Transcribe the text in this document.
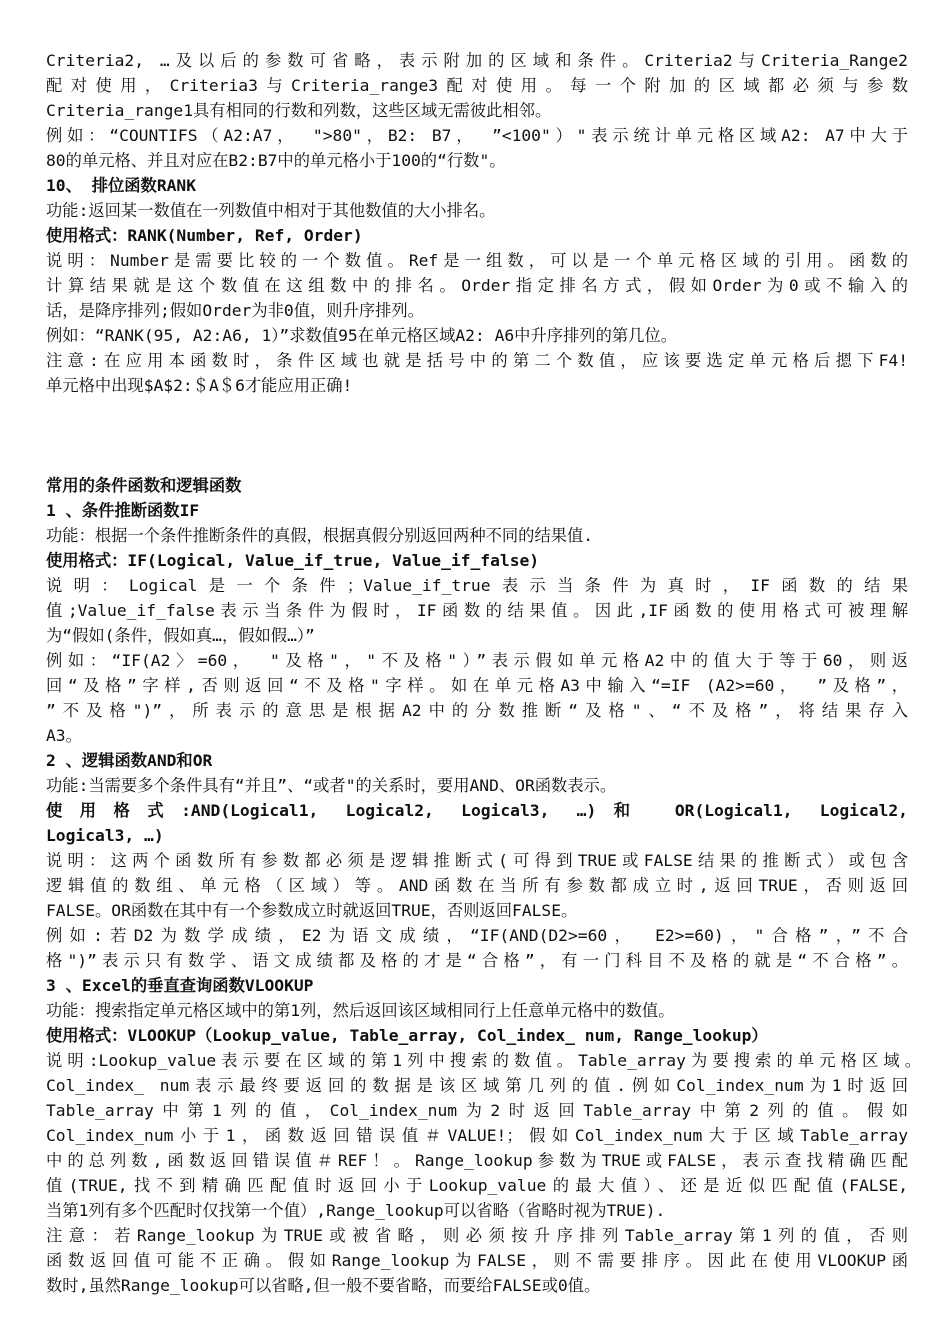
Criteria2, …及以后的参数可省略，表示附加的区域和条件。Criteria2与Criteria_Range2
配对使用，Criteria3与Criteria_range3配对使用。每一个附加的区域都必须与参数
Criteria_range1具有相同的行数和列数，这些区域无需彼此相邻。
例如：“COUNTIFS（A2:A7， ">80"，B2: B7， ”<100"）"表示统计单元格区域A2: A7中大于
80的单元格、并且对应在B2:B7中的单元格小于100的“行数"。
10、 排位函数RANK
功能:返回某一数值在一列数值中相对于其他数值的大小排名。
使用格式：RANK(Number, Ref, Order)
说明：Number是需要比较的一个数值。Ref是一组数，可以是一个单元格区域的引用。函数的
计算结果就是这个数值在这组数中的排名。Order指定排名方式，假如Order为0或不输入的
话，是降序排列;假如Order为非0值，则升序排列。
例如：“RANK(95, A2:A6, 1）”求数值95在单元格区域A2: A6中升序排列的第几位。
注意:在应用本函数时，条件区域也就是括号中的第二个数值，应该要选定单元格后摁下F4!
单元格中出现$A$2:＄A＄6才能应用正确!
常用的条件函数和逻辑函数
1 、条件推断函数IF
功能：根据一个条件推断条件的真假，根据真假分别返回两种不同的结果值.
使用格式：IF(Logical, Value_if_true, Value_if_false)
说明：Logical是一个条件；Value_if_true表示当条件为真时，IF函数的结果
值;Value_if_false表示当条件为假时，IF函数的结果值。因此,IF函数的使用格式可被理解
为“假如(条件，假如真…，假如假…）”
例如：“IF(A2〉=60， "及格"，"不及格"）”表示假如单元格A2中的值大于等于60，则返
回“及格”字样,否则返回“不及格"字样。如在单元格A3中输入“=IF (A2>=60， ”及格”，
”不及格")”，所表示的意思是根据A2中的分数推断“及格"、“不及格”，将结果存入
A3。
2 、逻辑函数AND和OR
功能:当需要多个条件具有“并且”、“或者"的关系时，要用AND、OR函数表示。
使用格式:AND(Logical1, Logical2, Logical3, …)和 OR(Logical1, Logical2,
Logical3, …)
说明：这两个函数所有参数都必须是逻辑推断式(可得到TRUE或FALSE结果的推断式）或包含
逻辑值的数组、单元格（区域）等。AND函数在当所有参数都成立时,返回TRUE，否则返回
FALSE。OR函数在其中有一个参数成立时就返回TRUE，否则返回FALSE。
例如:若D2为数学成绩，E2为语文成绩，“IF(AND(D2>=60， E2>=60)，"合格”，”不合
格")”表示只有数学、语文成绩都及格的才是“合格”，有一门科目不及格的就是“不合格”。
3 、Excel的垂直查询函数VLOOKUP
功能：搜索指定单元格区域中的第1列，然后返回该区域相同行上任意单元格中的数值。
使用格式：VLOOKUP（Lookup_value, Table_array, Col_index_ num, Range_lookup）
说明:Lookup_value表示要在区域的第1列中搜索的数值。Table_array为要搜索的单元格区域。
Col_index_ num表示最终要返回的数据是该区域第几列的值.例如Col_index_num为1时返回
Table_array中第1列的值，Col_index_num为2时返回Table_array中第2列的值。假如
Col_index_num小于1，函数返回错误值＃VALUE!；假如Col_index_num大于区域Table_array
中的总列数,函数返回错误值＃REF！。Range_lookup参数为TRUE或FALSE，表示查找精确匹配
值(TRUE,找不到精确匹配值时返回小于Lookup_value的最大值）、还是近似匹配值(FALSE,
当第1列有多个匹配时仅找第一个值）,Range_lookup可以省略（省略时视为TRUE).
注意：若Range_lookup为TRUE或被省略，则必须按升序排列Table_array第1列的值，否则
函数返回值可能不正确。假如Range_lookup为FALSE，则不需要排序。因此在使用VLOOKUP函
数时,虽然Range_lookup可以省略,但一般不要省略，而要给FALSE或0值。
